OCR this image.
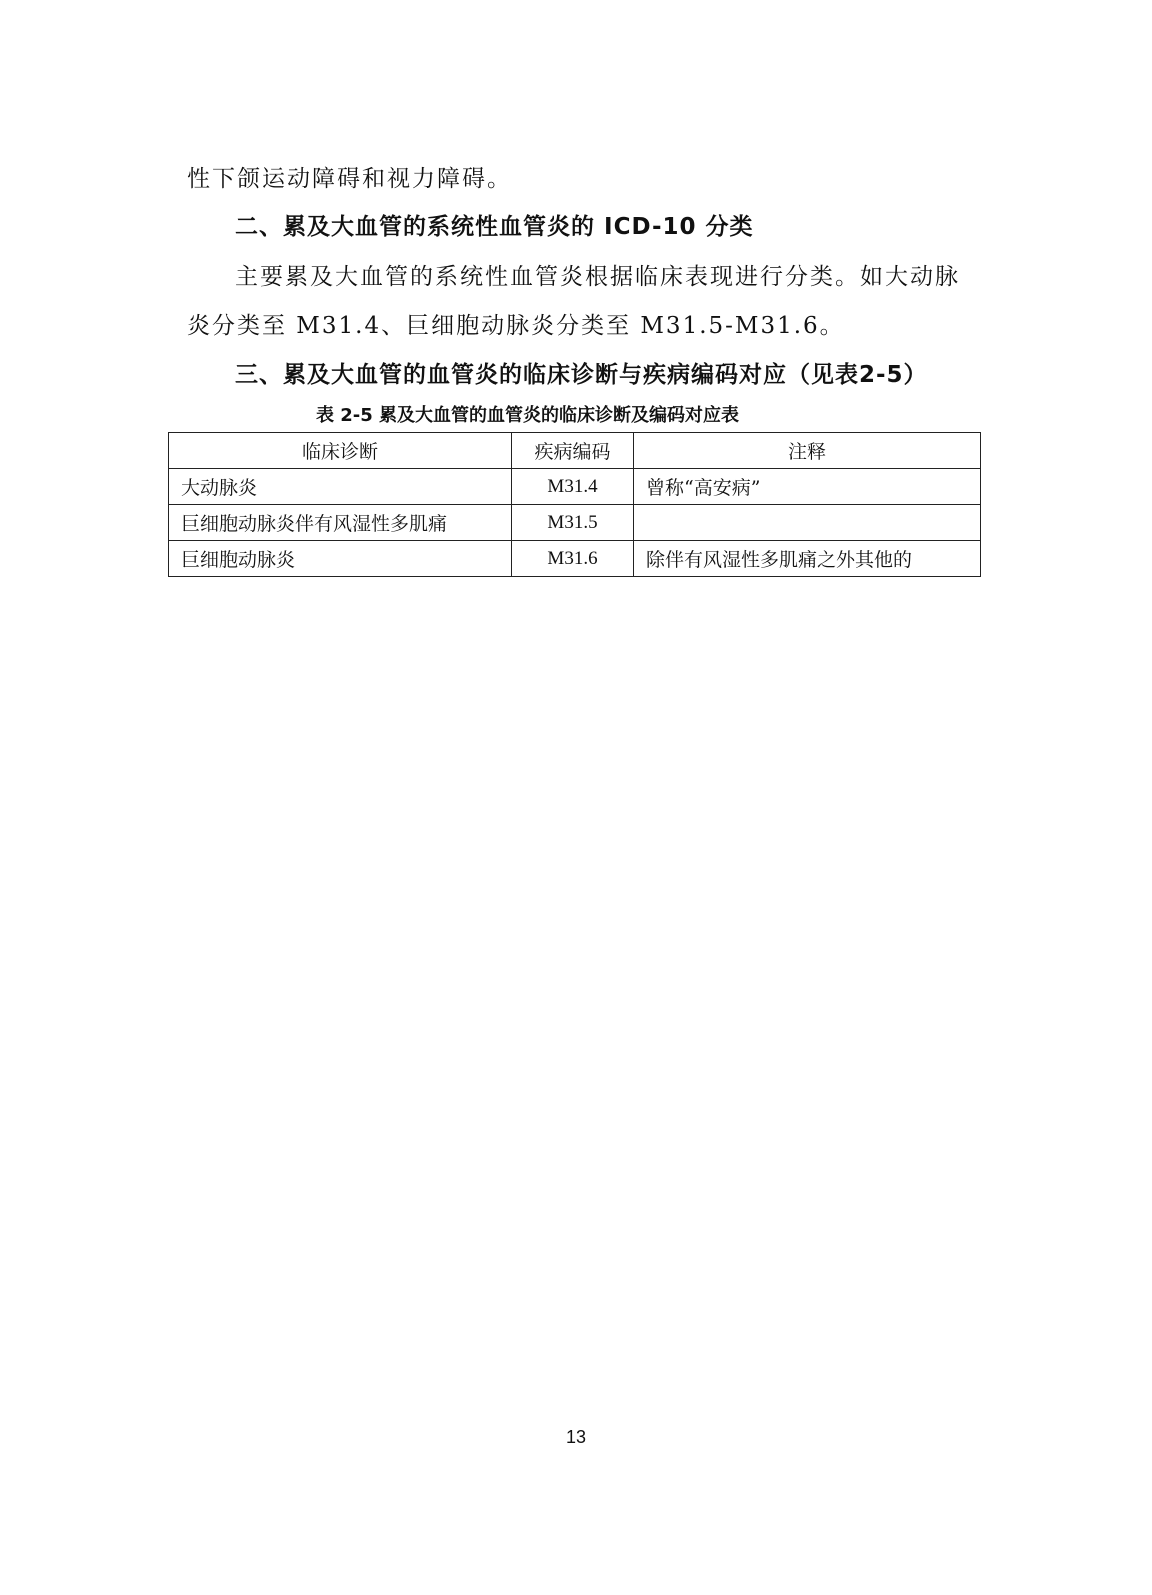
性下颌运动障碍和视力障碍。
二、累及大血管的系统性血管炎的 ICD-10 分类
主要累及大血管的系统性血管炎根据临床表现进行分类。如大动脉
炎分类至 M31.4、巨细胞动脉炎分类至 M31.5-M31.6。
三、累及大血管的血管炎的临床诊断与疾病编码对应（见表2-5）
表 2-5 累及大血管的血管炎的临床诊断及编码对应表
临床诊断	疾病编码	注释
大动脉炎	M31.4	曾称“高安病”
巨细胞动脉炎伴有风湿性多肌痛	M31.5	
巨细胞动脉炎	M31.6	除伴有风湿性多肌痛之外其他的
13
